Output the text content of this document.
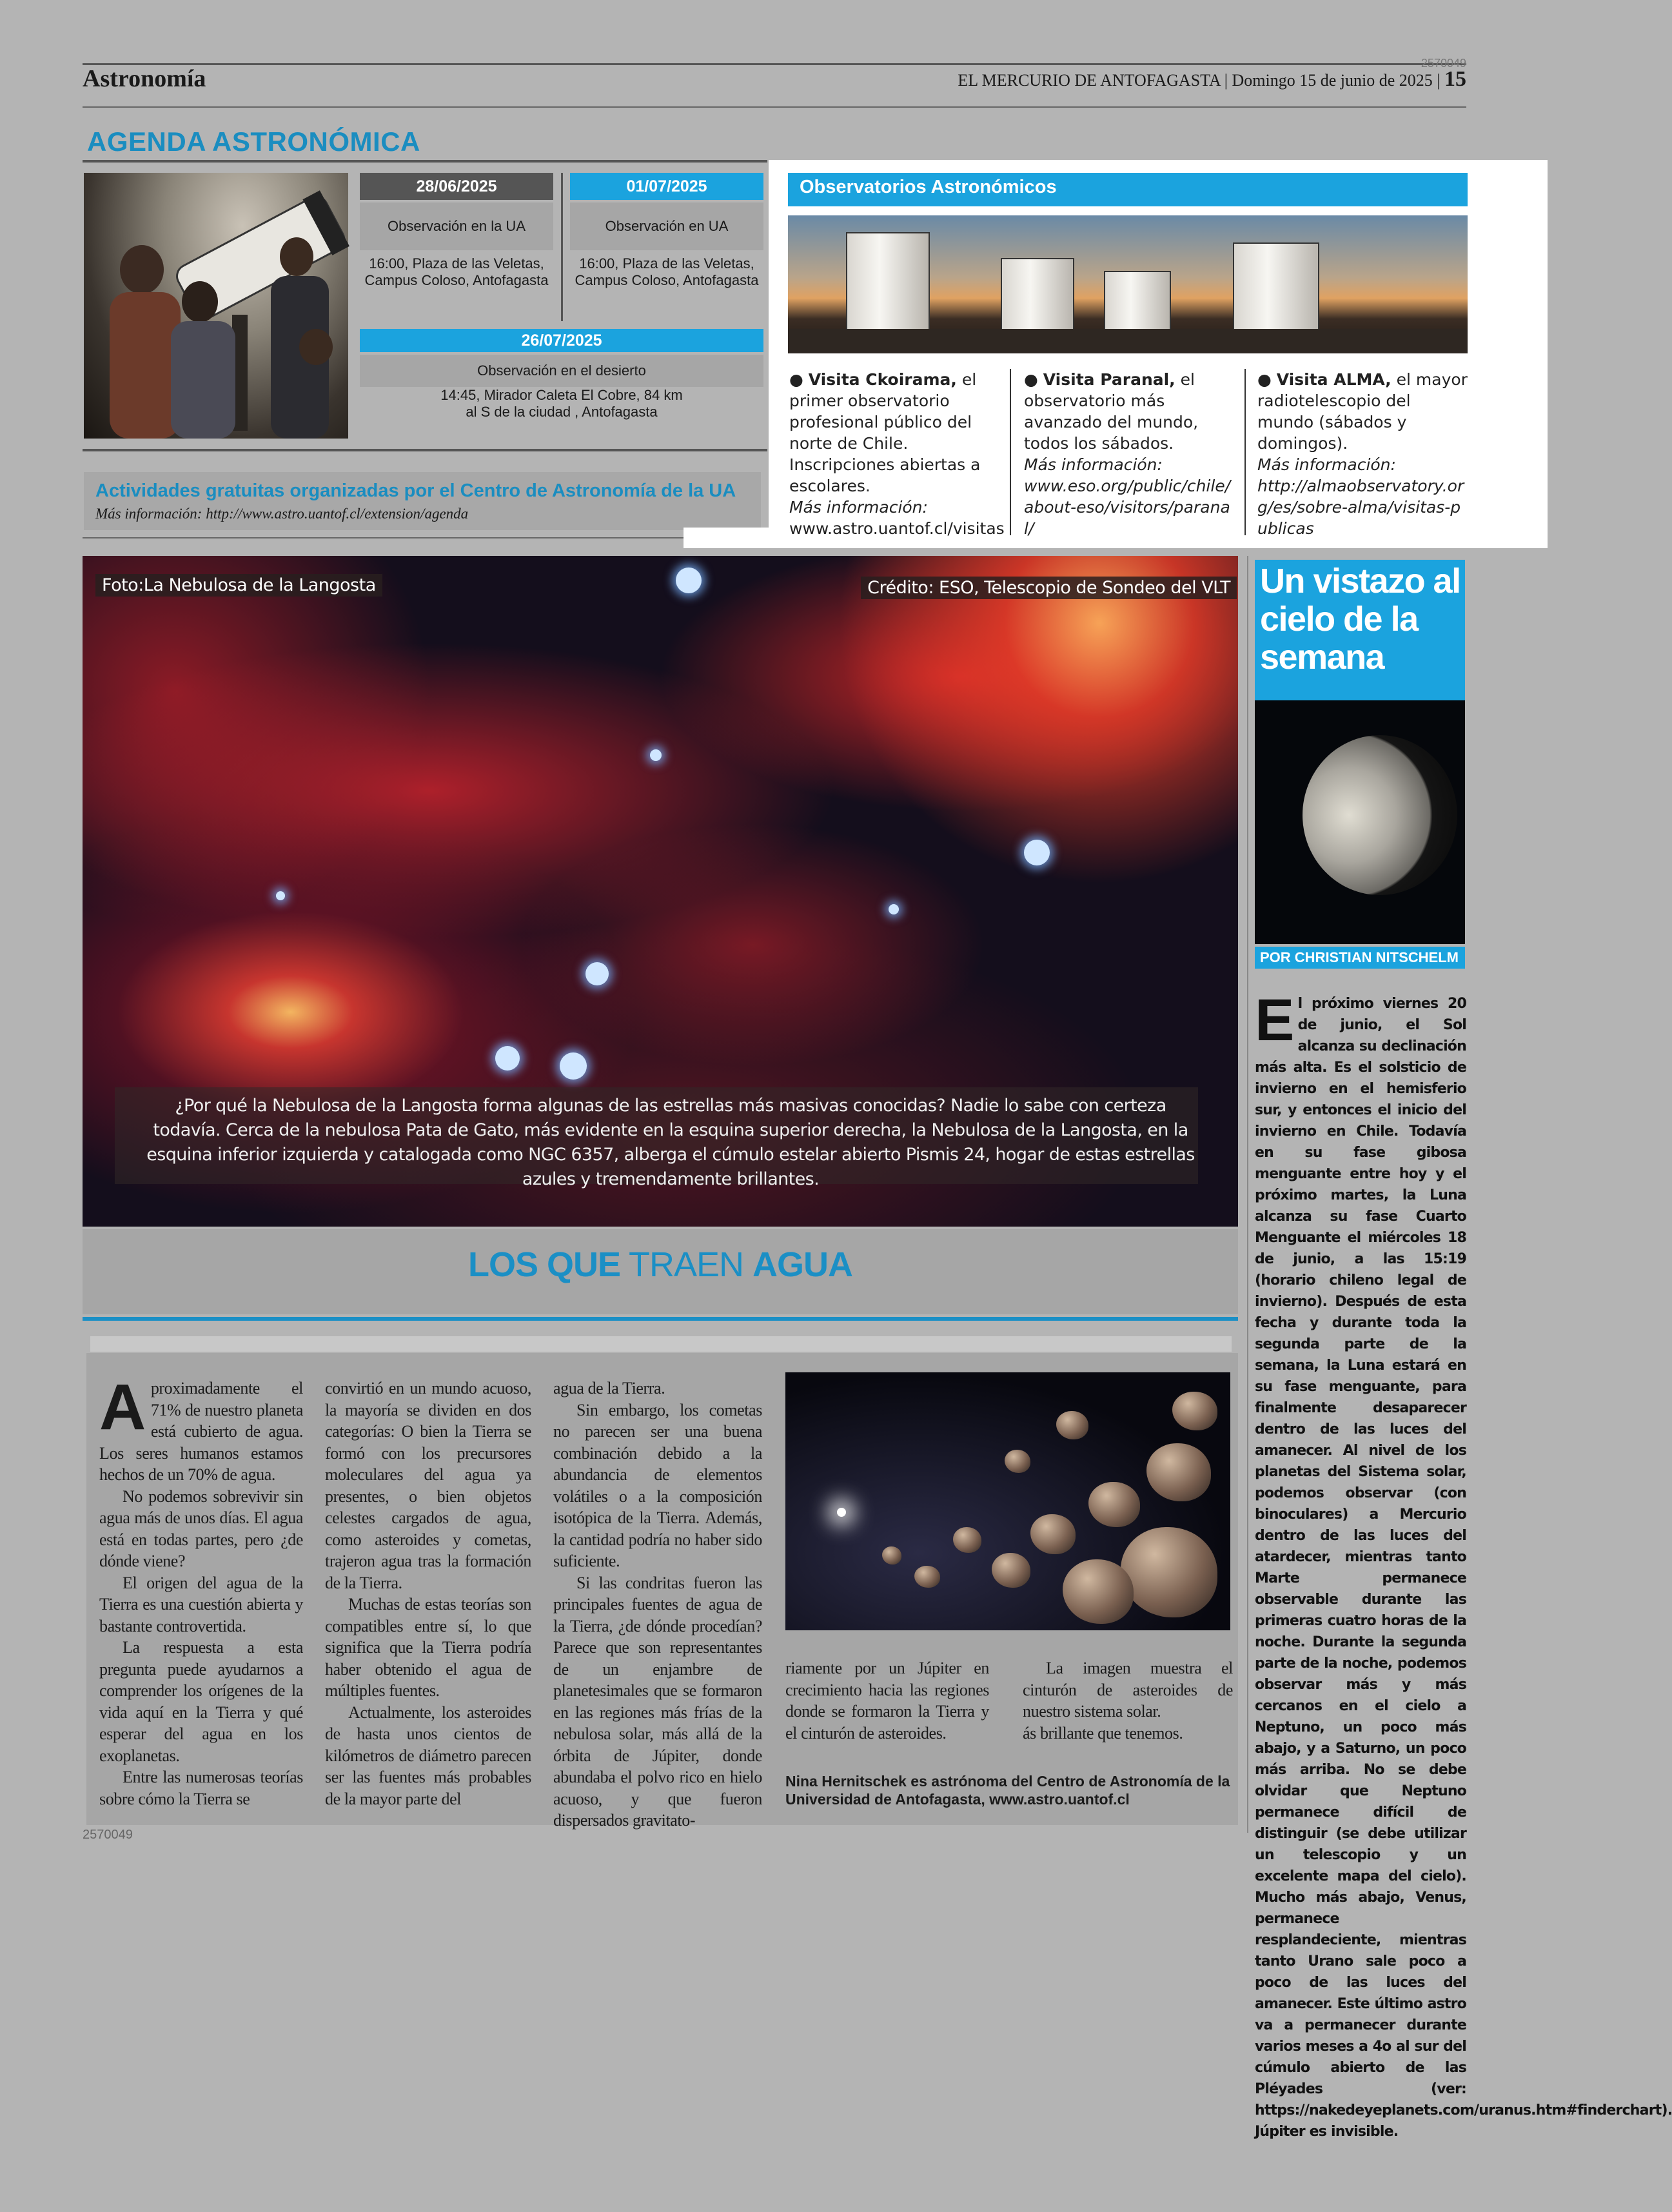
Astronomía
2570049
EL MERCURIO DE ANTOFAGASTA | Domingo 15 de junio de 2025 | 15
AGENDA ASTRONÓMICA
28/06/2025
Observación en la UA
16:00, Plaza de las Veletas, Campus Coloso, Antofagasta
01/07/2025
Observación en UA
16:00, Plaza de las Veletas, Campus Coloso, Antofagasta
26/07/2025
Observación en el desierto
14:45, Mirador Caleta El Cobre, 84 km al S de la ciudad , Antofagasta
Actividades gratuitas organizadas por el Centro de Astronomía de la UA
Más información: http://www.astro.uantof.cl/extension/agenda
Observatorios Astronómicos
● Visita Ckoirama, el primer observatorio profesional público del norte de Chile. Inscripciones abiertas a escolares.
Más información:
www.astro.uantof.cl/visitas
● Visita Paranal, el observatorio más avanzado del mundo, todos los sábados.
Más información:
www.eso.org/public/chile/about-eso/visitors/paranal/
● Visita ALMA, el mayor radiotelescopio del mundo (sábados y domingos).
Más información:
http://almaobservatory.org/es/sobre-alma/visitas-publicas
Foto:La Nebulosa de la Langosta	Crédito: ESO, Telescopio de Sondeo del VLT
¿Por qué la Nebulosa de la Langosta forma algunas de las estrellas más masivas conocidas? Nadie lo sabe con certeza todavía. Cerca de la nebulosa Pata de Gato, más evidente en la esquina superior derecha, la Nebulosa de la Langosta, en la esquina inferior izquierda y catalogada como NGC 6357, alberga el cúmulo estelar abierto Pismis 24, hogar de estas estrellas azules y tremendamente brillantes.
LOS QUE TRAEN AGUA

Aproximadamente el 71% de nuestro planeta está cubierto de agua. Los seres humanos estamos hechos de un 70% de agua.

No podemos sobrevivir sin agua más de unos días. El agua está en todas partes, pero ¿de dónde viene?

El origen del agua de la Tierra es una cuestión abierta y bastante controvertida.

La respuesta a esta pregunta puede ayudarnos a comprender los orígenes de la vida aquí en la Tierra y qué esperar del agua en los exoplanetas.

Entre las numerosas teorías sobre cómo la Tierra se

convirtió en un mundo acuoso, la mayoría se dividen en dos categorías: O bien la Tierra se formó con los precursores moleculares del agua ya presentes, o bien objetos celestes cargados de agua, como asteroides y cometas, trajeron agua tras la formación de la Tierra.

Muchas de estas teorías son compatibles entre sí, lo que significa que la Tierra podría haber obtenido el agua de múltiples fuentes.

Actualmente, los asteroides de hasta unos cientos de kilómetros de diámetro parecen ser las fuentes más probables de la mayor parte del

agua de la Tierra.

Sin embargo, los cometas no parecen ser una buena combinación debido a la abundancia de elementos volátiles o a la composición isotópica de la Tierra. Además, la cantidad podría no haber sido suficiente.

Si las condritas fueron las principales fuentes de agua de la Tierra, ¿de dónde procedían? Parece que son representantes de un enjambre de planetesimales que se formaron en las regiones más frías de la nebulosa solar, más allá de la órbita de Júpiter, donde abundaba el polvo rico en hielo acuoso, y que fueron dispersados gravitato-

riamente por un Júpiter en crecimiento hacia las regiones donde se formaron la Tierra y el cinturón de asteroides.

La imagen muestra el cinturón de asteroides de nuestro sistema solar.

ás brillante que tenemos.

Nina Hernitschek es astrónoma del Centro de Astronomía de la Universidad de Antofagasta, www.astro.uantof.cl
2570049
Un vistazo al cielo de la semana
POR CHRISTIAN NITSCHELM
El próximo viernes 20 de junio, el Sol alcanza su declinación más alta. Es el solsticio de invierno en el hemisferio sur, y entonces el inicio del invierno en Chile. Todavía en su fase gibosa menguante entre hoy y el próximo martes, la Luna alcanza su fase Cuarto Menguante el miércoles 18 de junio, a las 15:19 (horario chileno legal de invierno). Después de esta fecha y durante toda la segunda parte de la semana, la Luna estará en su fase menguante, para finalmente desaparecer dentro de las luces del amanecer. Al nivel de los planetas del Sistema solar, podemos observar (con binoculares) a Mercurio dentro de las luces del atardecer, mientras tanto Marte permanece observable durante las primeras cuatro horas de la noche. Durante la segunda parte de la noche, podemos observar más y más cercanos en el cielo a Neptuno, un poco más abajo, y a Saturno, un poco más arriba. No se debe olvidar que Neptuno permanece difícil de distinguir (se debe utilizar un telescopio y un excelente mapa del cielo). Mucho más abajo, Venus, permanece resplandeciente, mientras tanto Urano sale poco a poco de las luces del amanecer. Este último astro va a permanecer durante varios meses a 4o al sur del cúmulo abierto de las Pléyades (ver: https://nakedeyeplanets.com/uranus.htm#finderchart). Júpiter es invisible.
